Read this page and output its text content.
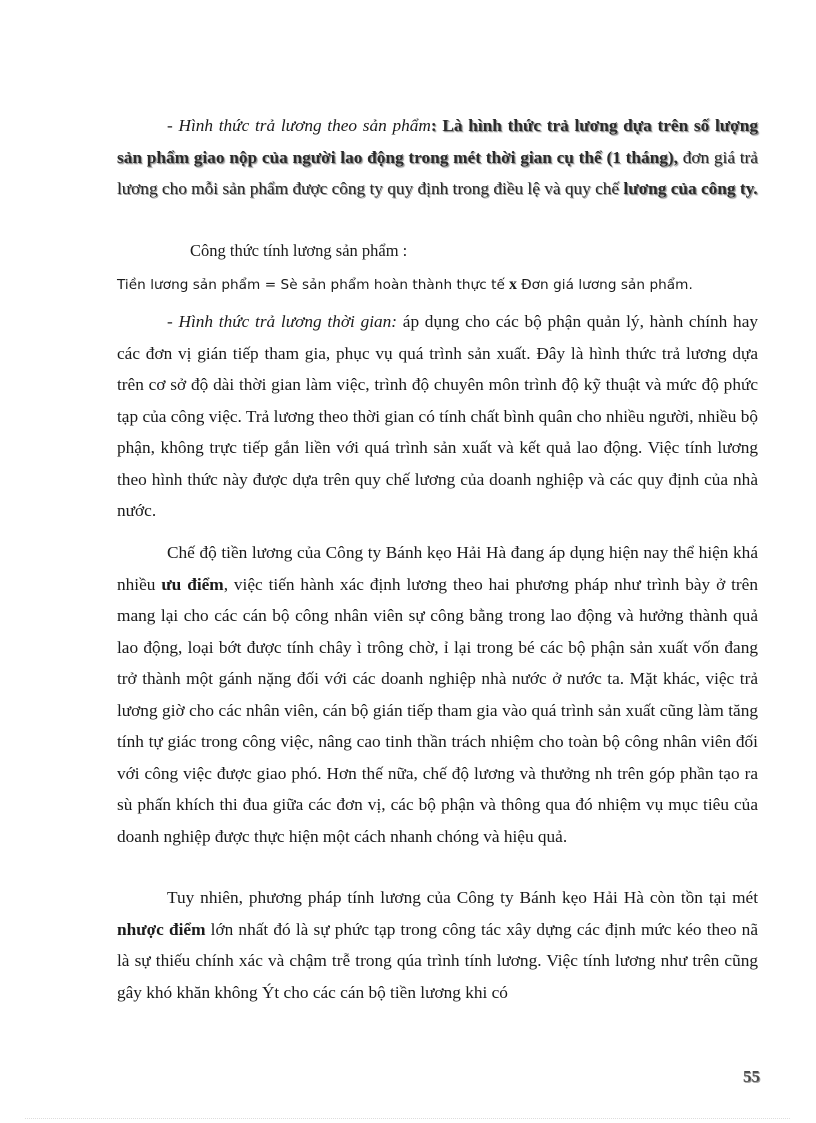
- Hình thức trả lương theo sản phẩm: Là hình thức trả lương dựa trên số lượng sản phẩm giao nộp của người lao động trong mét thời gian cụ thể (1 tháng), đơn giá trả lương cho mỗi sản phẩm được công ty quy định trong điều lệ và quy chế lương của công ty.
Công thức tính lương sản phẩm :
Tiền lương sản phẩm = Sè sản phẩm hoàn thành thực tế x Đơn giá lương sản phẩm.
- Hình thức trả lương thời gian: áp dụng cho các bộ phận quản lý, hành chính hay các đơn vị gián tiếp tham gia, phục vụ quá trình sản xuất. Đây là hình thức trả lương dựa trên cơ sở độ dài thời gian làm việc, trình độ chuyên môn trình độ kỹ thuật và mức độ phức tạp của công việc. Trả lương theo thời gian có tính chất bình quân cho nhiều người, nhiều bộ phận, không trực tiếp gắn liền với quá trình sản xuất và kết quả lao động. Việc tính lương theo hình thức này được dựa trên quy chế lương của doanh nghiệp và các quy định của nhà nước.
Chế độ tiền lương của Công ty Bánh kẹo Hải Hà đang áp dụng hiện nay thể hiện khá nhiều ưu điểm, việc tiến hành xác định lương theo hai phương pháp như trình bày ở trên mang lại cho các cán bộ công nhân viên sự công bằng trong lao động và hưởng thành quả lao động, loại bớt được tính chây ì trông chờ, ỉ lại trong bé các bộ phận sản xuất vốn đang trở thành một gánh nặng đối với các doanh nghiệp nhà nước ở nước ta. Mặt khác, việc trả lương giờ cho các nhân viên, cán bộ gián tiếp tham gia vào quá trình sản xuất cũng làm tăng tính tự giác trong công việc, nâng cao tinh thần trách nhiệm cho toàn bộ công nhân viên đối với công việc được giao phó. Hơn thế nữa, chế độ lương và thưởng nh trên góp phần tạo ra sù phấn khích thi đua giữa các đơn vị, các bộ phận và thông qua đó nhiệm vụ mục tiêu của doanh nghiệp được thực hiện một cách nhanh chóng và hiệu quả.
Tuy nhiên, phương pháp tính lương của Công ty Bánh kẹo Hải Hà còn tồn tại mét nhược điểm lớn nhất đó là sự phức tạp trong công tác xây dựng các định mức kéo theo nã là sự thiếu chính xác và chậm trễ trong qúa trình tính lương. Việc tính lương như trên cũng gây khó khăn không Ýt cho các cán bộ tiền lương khi có
55
